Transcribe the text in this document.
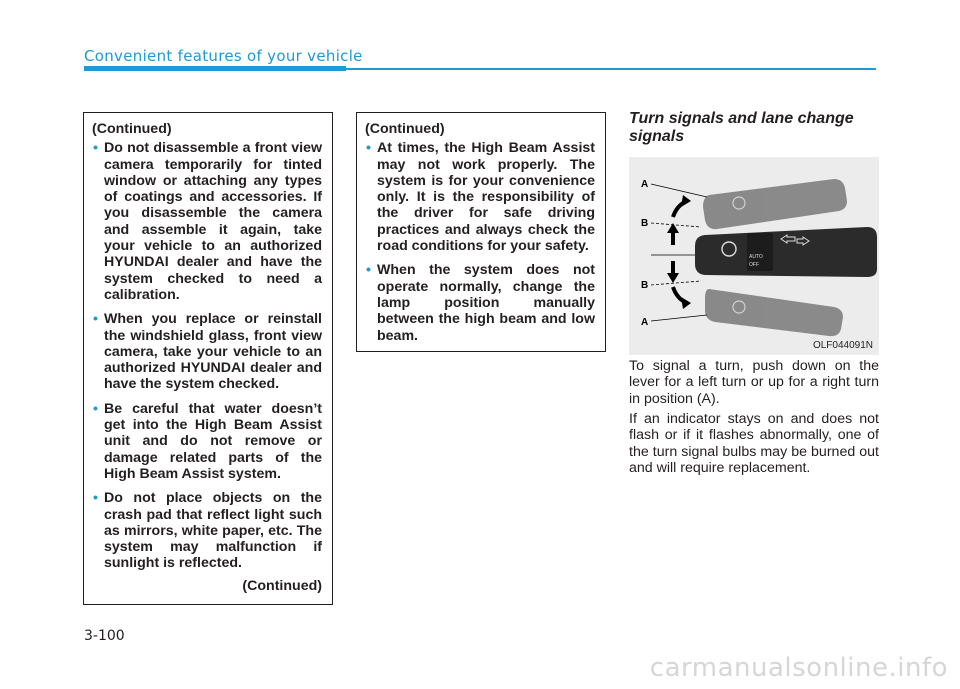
Convenient features of your vehicle
(Continued)
• Do not disassemble a front view camera temporarily for tinted window or attaching any types of coatings and accessories. If you disassemble the camera and assemble it again, take your vehicle to an authorized HYUNDAI dealer and have the system checked to need a calibration.
• When you replace or reinstall the windshield glass, front view camera, take your vehicle to an authorized HYUNDAI dealer and have the system checked.
• Be careful that water doesn’t get into the High Beam Assist unit and do not remove or damage related parts of the High Beam Assist system.
• Do not place objects on the crash pad that reflect light such as mirrors, white paper, etc. The system may malfunction if sunlight is reflected.
(Continued)
(Continued)
• At times, the High Beam Assist may not work properly. The system is for your convenience only. It is the responsibility of the driver for safe driving practices and always check the road conditions for your safety.
• When the system does not operate normally, change the lamp position manually between the high beam and low beam.
Turn signals and lane change signals
AUTO
OFF
A
B
B
A
OLF044091N

To signal a turn, push down on the lever for a left turn or up for a right turn in position (A).

If an indicator stays on and does not flash or if it flashes abnormally, one of the turn signal bulbs may be burned out and will require replacement.

3-100
carmanualsonline.info
